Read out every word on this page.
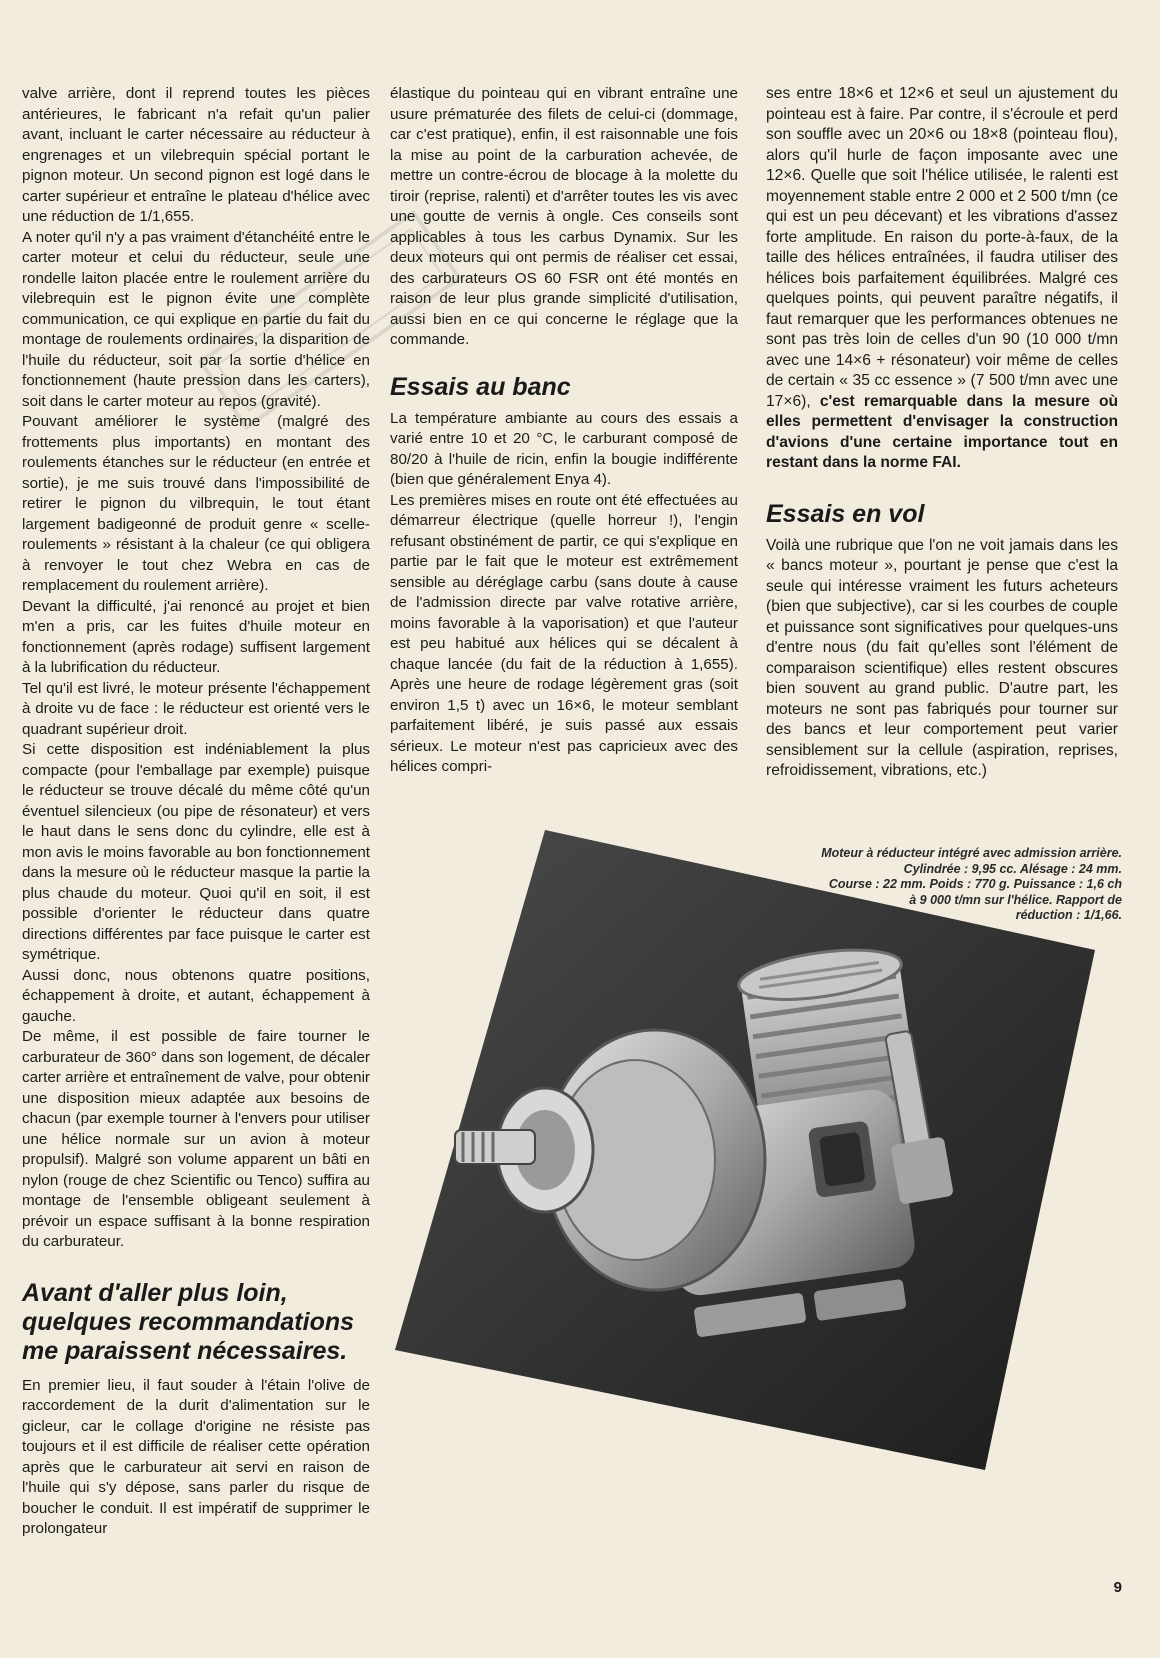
valve arrière, dont il reprend toutes les pièces antérieures, le fabricant n'a refait qu'un palier avant, incluant le carter nécessaire au réducteur à engrenages et un vilebrequin spécial portant le pignon moteur. Un second pignon est logé dans le carter supérieur et entraîne le plateau d'hélice avec une réduction de 1/1,655.

A noter qu'il n'y a pas vraiment d'étanchéité entre le carter moteur et celui du réducteur, seule une rondelle laiton placée entre le roulement arrière du vilebrequin est le pignon évite une complète communication, ce qui explique en partie du fait du montage de roulements ordinaires, la disparition de l'huile du réducteur, soit par la sortie d'hélice en fonctionnement (haute pression dans les carters), soit dans le carter moteur au repos (gravité).

Pouvant améliorer le système (malgré des frottements plus importants) en montant des roulements étanches sur le réducteur (en entrée et sortie), je me suis trouvé dans l'impossibilité de retirer le pignon du vilbrequin, le tout étant largement badigeonné de produit genre « scelle-roulements » résistant à la chaleur (ce qui obligera à renvoyer le tout chez Webra en cas de remplacement du roulement arrière).

Devant la difficulté, j'ai renoncé au projet et bien m'en a pris, car les fuites d'huile moteur en fonctionnement (après rodage) suffisent largement à la lubrification du réducteur.

Tel qu'il est livré, le moteur présente l'échappement à droite vu de face : le réducteur est orienté vers le quadrant supérieur droit.

Si cette disposition est indéniablement la plus compacte (pour l'emballage par exemple) puisque le réducteur se trouve décalé du même côté qu'un éventuel silencieux (ou pipe de résonateur) et vers le haut dans le sens donc du cylindre, elle est à mon avis le moins favorable au bon fonctionnement dans la mesure où le réducteur masque la partie la plus chaude du moteur. Quoi qu'il en soit, il est possible d'orienter le réducteur dans quatre directions différentes par face puisque le carter est symétrique.

Aussi donc, nous obtenons quatre positions, échappement à droite, et autant, échappement à gauche.

De même, il est possible de faire tourner le carburateur de 360° dans son logement, de décaler carter arrière et entraînement de valve, pour obtenir une disposition mieux adaptée aux besoins de chacun (par exemple tourner à l'envers pour utiliser une hélice normale sur un avion à moteur propulsif). Malgré son volume apparent un bâti en nylon (rouge de chez Scientific ou Tenco) suffira au montage de l'ensemble obligeant seulement à prévoir un espace suffisant à la bonne respiration du carburateur.

Avant d'aller plus loin, quelques recommandations me paraissent nécessaires.

En premier lieu, il faut souder à l'étain l'olive de raccordement de la durit d'alimentation sur le gicleur, car le collage d'origine ne résiste pas toujours et il est difficile de réaliser cette opération après que le carburateur ait servi en raison de l'huile qui s'y dépose, sans parler du risque de boucher le conduit. Il est impératif de supprimer le prolongateur

élastique du pointeau qui en vibrant entraîne une usure prématurée des filets de celui-ci (dommage, car c'est pratique), enfin, il est raisonnable une fois la mise au point de la carburation achevée, de mettre un contre-écrou de blocage à la molette du tiroir (reprise, ralenti) et d'arrêter toutes les vis avec une goutte de vernis à ongle. Ces conseils sont applicables à tous les carbus Dynamix. Sur les deux moteurs qui ont permis de réaliser cet essai, des carburateurs OS 60 FSR ont été montés en raison de leur plus grande simplicité d'utilisation, aussi bien en ce qui concerne le réglage que la commande.

Essais au banc

La température ambiante au cours des essais a varié entre 10 et 20 °C, le carburant composé de 80/20 à l'huile de ricin, enfin la bougie indifférente (bien que généralement Enya 4).

Les premières mises en route ont été effectuées au démarreur électrique (quelle horreur !), l'engin refusant obstinément de partir, ce qui s'explique en partie par le fait que le moteur est extrêmement sensible au déréglage carbu (sans doute à cause de l'admission directe par valve rotative arrière, moins favorable à la vaporisation) et que l'auteur est peu habitué aux hélices qui se décalent à chaque lancée (du fait de la réduction à 1,655). Après une heure de rodage légèrement gras (soit environ 1,5 t) avec un 16×6, le moteur semblant parfaitement libéré, je suis passé aux essais sérieux. Le moteur n'est pas capricieux avec des hélices compri-

ses entre 18×6 et 12×6 et seul un ajustement du pointeau est à faire. Par contre, il s'écroule et perd son souffle avec un 20×6 ou 18×8 (pointeau flou), alors qu'il hurle de façon imposante avec une 12×6. Quelle que soit l'hélice utilisée, le ralenti est moyennement stable entre 2 000 et 2 500 t/mn (ce qui est un peu décevant) et les vibrations d'assez forte amplitude. En raison du porte-à-faux, de la taille des hélices entraînées, il faudra utiliser des hélices bois parfaitement équilibrées. Malgré ces quelques points, qui peuvent paraître négatifs, il faut remarquer que les performances obtenues ne sont pas très loin de celles d'un 90 (10 000 t/mn avec une 14×6 + résonateur) voir même de celles de certain « 35 cc essence » (7 500 t/mn avec une 17×6), c'est remarquable dans la mesure où elles permettent d'envisager la construction d'avions d'une certaine importance tout en restant dans la norme FAI.

Essais en vol

Voilà une rubrique que l'on ne voit jamais dans les « bancs moteur », pourtant je pense que c'est la seule qui intéresse vraiment les futurs acheteurs (bien que subjective), car si les courbes de couple et puissance sont significatives pour quelques-uns d'entre nous (du fait qu'elles sont l'élément de comparaison scientifique) elles restent obscures bien souvent au grand public. D'autre part, les moteurs ne sont pas fabriqués pour tourner sur des bancs et leur comportement peut varier sensiblement sur la cellule (aspiration, reprises, refroidissement, vibrations, etc.)

Moteur à réducteur intégré avec admission arrière.
Cylindrée : 9,95 cc. Alésage : 24 mm.
Course : 22 mm. Poids : 770 g. Puissance : 1,6 ch
à 9 000 t/mn sur l'hélice. Rapport de
réduction : 1/1,66.
9
